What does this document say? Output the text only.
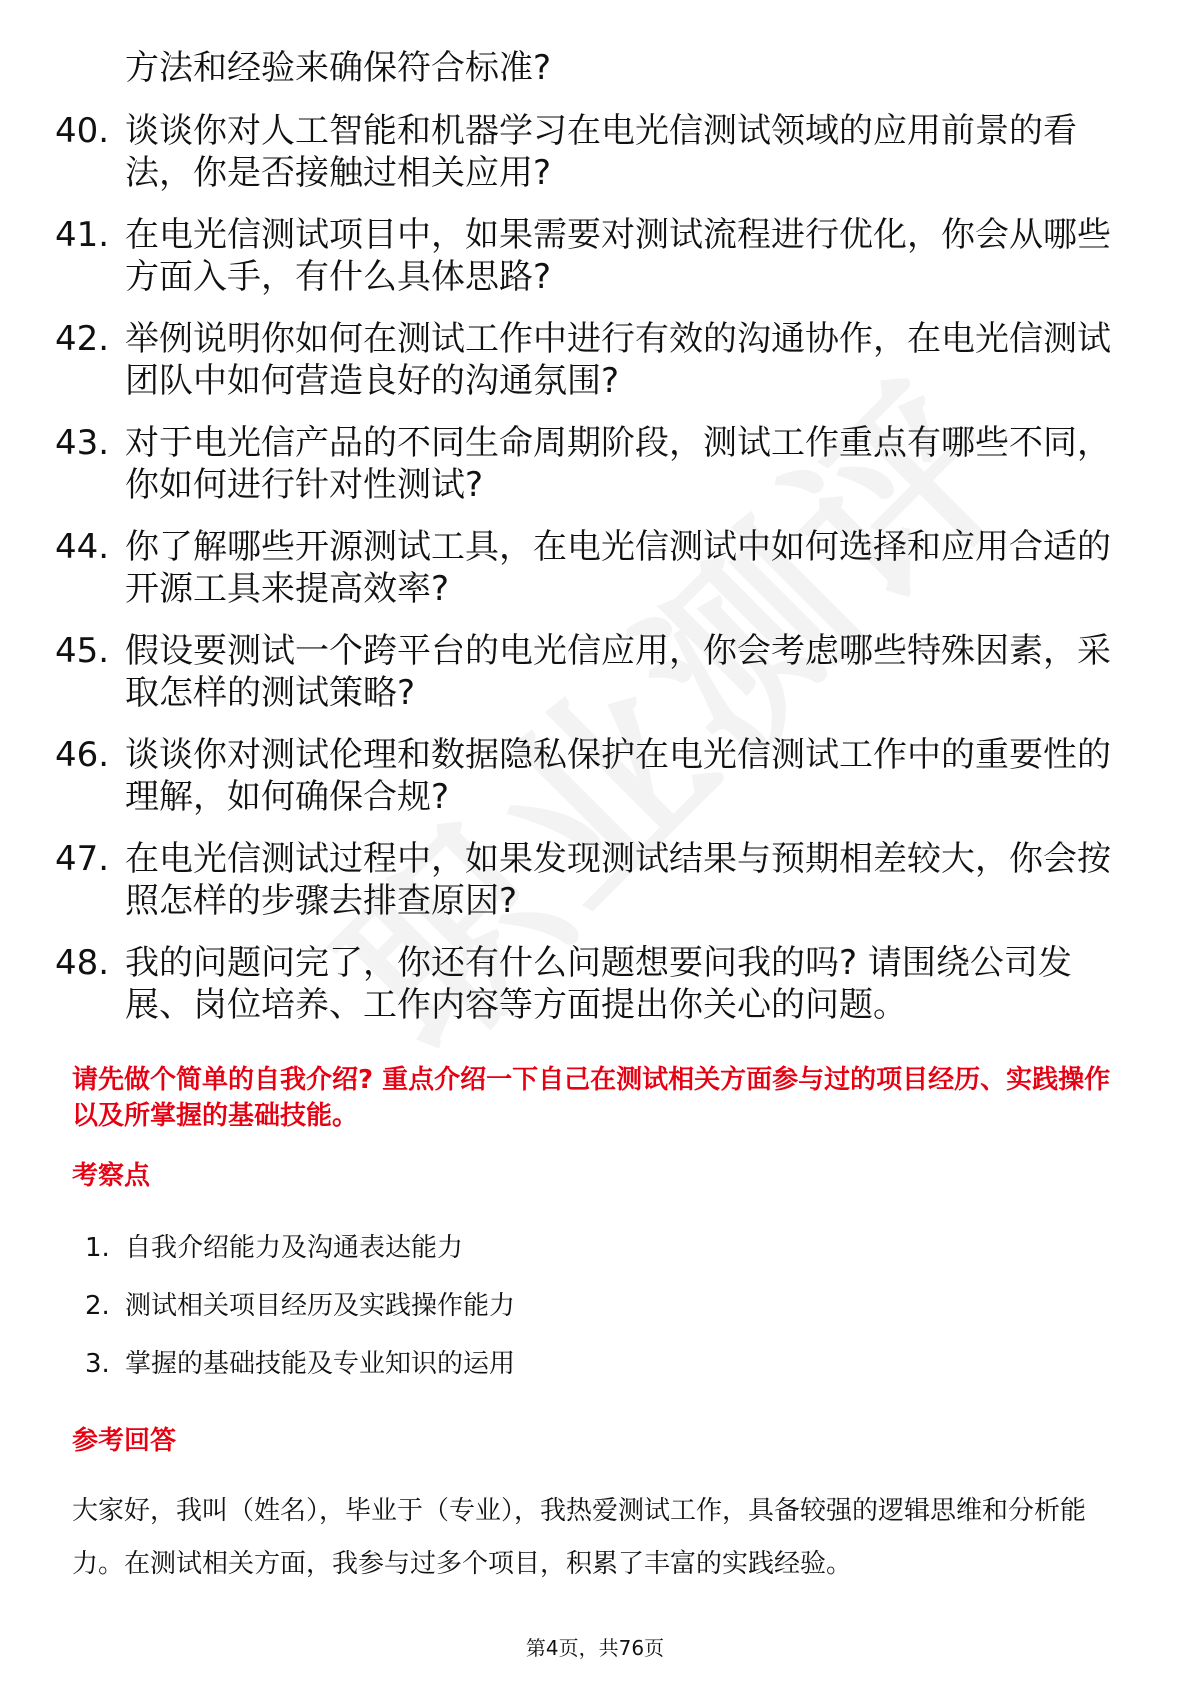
方法和经验来确保符合标准?
40. 谈谈你对人工智能和机器学习在电光信测试领域的应用前景的看法，你是否接触过相关应用?
41. 在电光信测试项目中，如果需要对测试流程进行优化，你会从哪些方面入手，有什么具体思路?
42. 举例说明你如何在测试工作中进行有效的沟通协作，在电光信测试团队中如何营造良好的沟通氛围?
43. 对于电光信产品的不同生命周期阶段，测试工作重点有哪些不同，你如何进行针对性测试?
44. 你了解哪些开源测试工具，在电光信测试中如何选择和应用合适的开源工具来提高效率?
45. 假设要测试一个跨平台的电光信应用，你会考虑哪些特殊因素，采取怎样的测试策略?
46. 谈谈你对测试伦理和数据隐私保护在电光信测试工作中的重要性的理解，如何确保合规?
47. 在电光信测试过程中，如果发现测试结果与预期相差较大，你会按照怎样的步骤去排查原因?
48. 我的问题问完了，你还有什么问题想要问我的吗? 请围绕公司发展、岗位培养、工作内容等方面提出你关心的问题。
请先做个简单的自我介绍? 重点介绍一下自己在测试相关方面参与过的项目经历、实践操作以及所掌握的基础技能。
考察点
1. 自我介绍能力及沟通表达能力
2. 测试相关项目经历及实践操作能力
3. 掌握的基础技能及专业知识的运用
参考回答
大家好，我叫（姓名），毕业于（专业），我热爱测试工作，具备较强的逻辑思维和分析能力。在测试相关方面，我参与过多个项目，积累了丰富的实践经验。
第4页，共76页
